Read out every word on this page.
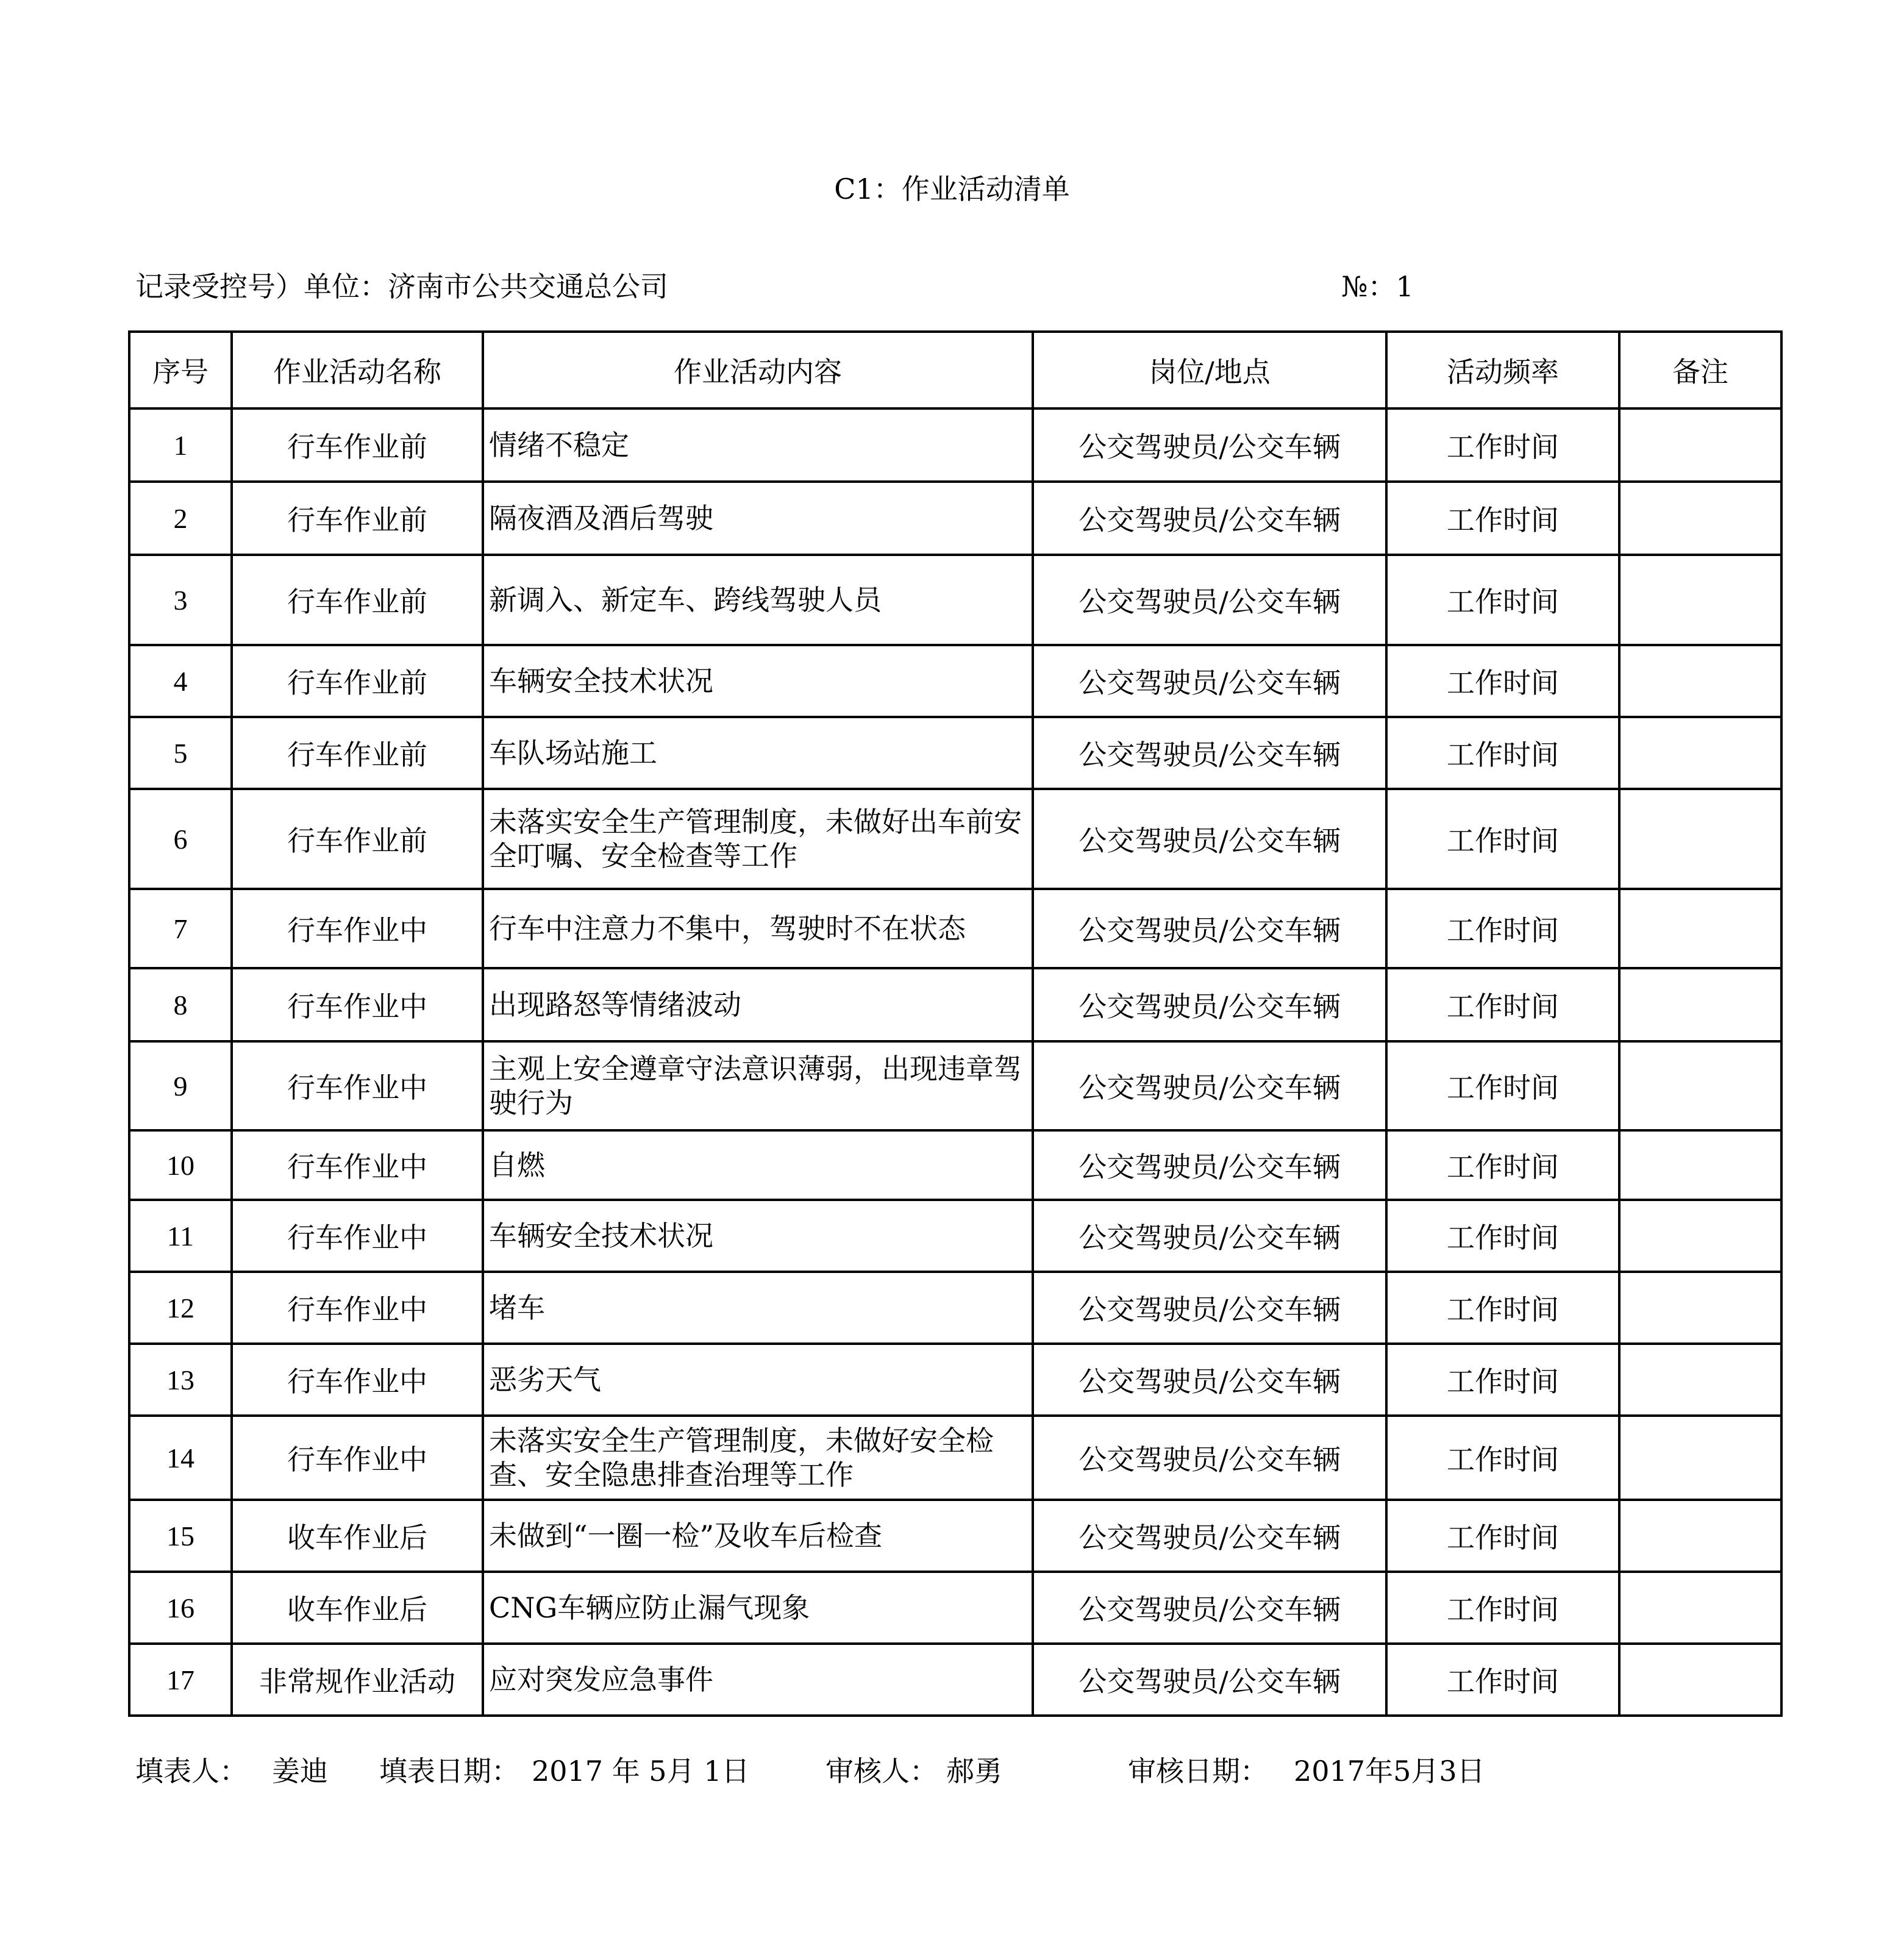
C1：作业活动清单
记录受控号）单位：济南市公共交通总公司	№：1
序号	作业活动名称	作业活动内容	岗位/地点	活动频率	备注
1	行车作业前	情绪不稳定	公交驾驶员/公交车辆	工作时间	
2	行车作业前	隔夜酒及酒后驾驶	公交驾驶员/公交车辆	工作时间	
3	行车作业前	新调入、新定车、跨线驾驶人员	公交驾驶员/公交车辆	工作时间	
4	行车作业前	车辆安全技术状况	公交驾驶员/公交车辆	工作时间	
5	行车作业前	车队场站施工	公交驾驶员/公交车辆	工作时间	
6	行车作业前	未落实安全生产管理制度，未做好出车前安全叮嘱、安全检查等工作	公交驾驶员/公交车辆	工作时间	
7	行车作业中	行车中注意力不集中，驾驶时不在状态	公交驾驶员/公交车辆	工作时间	
8	行车作业中	出现路怒等情绪波动	公交驾驶员/公交车辆	工作时间	
9	行车作业中	主观上安全遵章守法意识薄弱，出现违章驾驶行为	公交驾驶员/公交车辆	工作时间	
10	行车作业中	自燃	公交驾驶员/公交车辆	工作时间	
11	行车作业中	车辆安全技术状况	公交驾驶员/公交车辆	工作时间	
12	行车作业中	堵车	公交驾驶员/公交车辆	工作时间	
13	行车作业中	恶劣天气	公交驾驶员/公交车辆	工作时间	
14	行车作业中	未落实安全生产管理制度，未做好安全检查、安全隐患排查治理等工作	公交驾驶员/公交车辆	工作时间	
15	收车作业后	未做到“一圈一检”及收车后检查	公交驾驶员/公交车辆	工作时间	
16	收车作业后	CNG车辆应防止漏气现象	公交驾驶员/公交车辆	工作时间	
17	非常规作业活动	应对突发应急事件	公交驾驶员/公交车辆	工作时间	
填表人： 姜迪 填表日期： 2017 年 5月 1日	审核人： 郝勇	审核日期： 2017年5月3日
